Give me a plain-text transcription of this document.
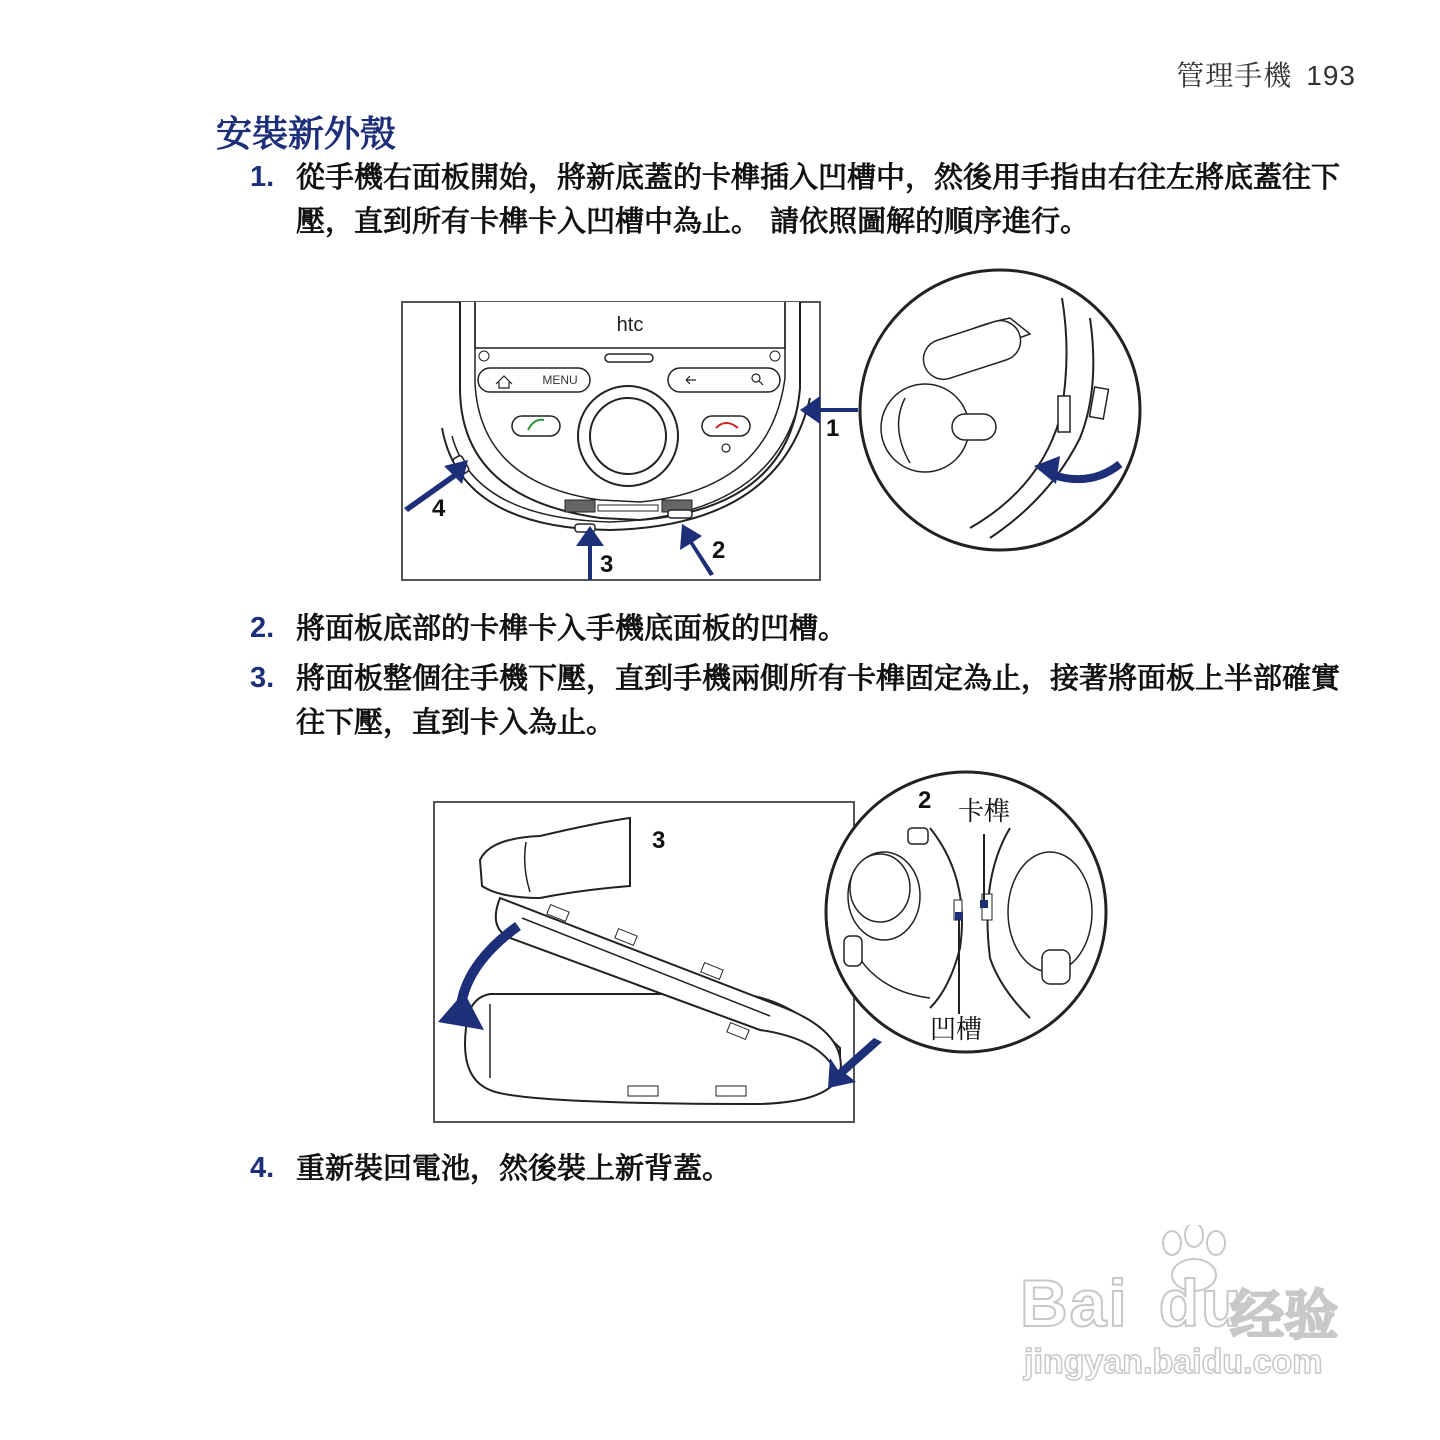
管理手機 193
安裝新外殼
1. 從手機右面板開始，將新底蓋的卡榫插入凹槽中，然後用手指由右往左將底蓋往下壓，直到所有卡榫卡入凹槽中為止。 請依照圖解的順序進行。
htc
MENU
3
2
4
1
2. 將面板底部的卡榫卡入手機底面板的凹槽。
3. 將面板整個往手機下壓，直到手機兩側所有卡榫固定為止，接著將面板上半部確實往下壓，直到卡入為止。
3
2 卡榫
凹槽
4. 重新裝回電池，然後裝上新背蓋。
Bai du
经验
jingyan.baidu.com
